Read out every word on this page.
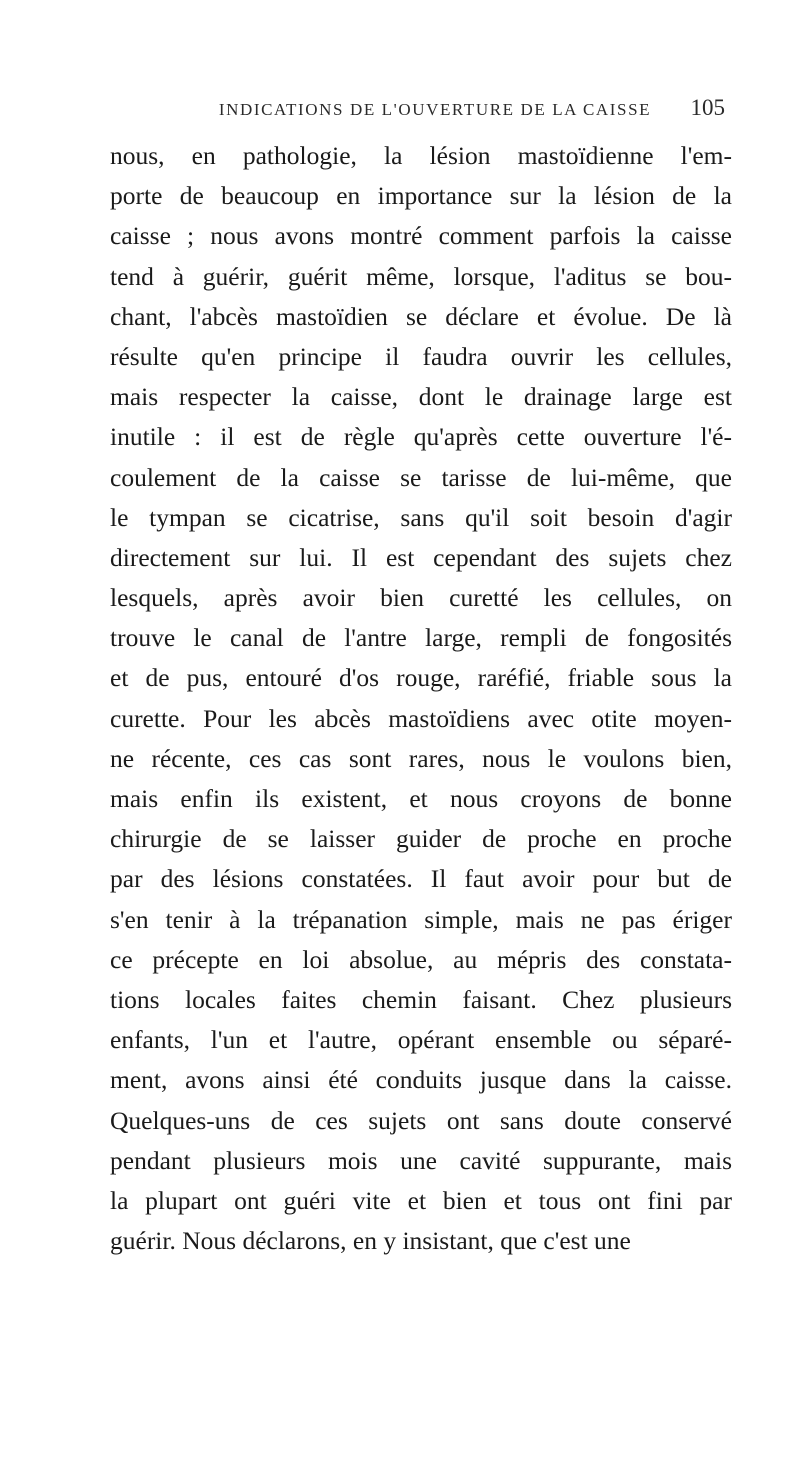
INDICATIONS DE L'OUVERTURE DE LA CAISSE	105
nous, en pathologie, la lésion mastoïdienne l'em-
porte de beaucoup en importance sur la lésion de la
caisse ; nous avons montré comment parfois la caisse
tend à guérir, guérit même, lorsque, l'aditus se bou-
chant, l'abcès mastoïdien se déclare et évolue. De là
résulte qu'en principe il faudra ouvrir les cellules,
mais respecter la caisse, dont le drainage large est
inutile : il est de règle qu'après cette ouverture l'é-
coulement de la caisse se tarisse de lui-même, que
le tympan se cicatrise, sans qu'il soit besoin d'agir
directement sur lui. Il est cependant des sujets chez
lesquels, après avoir bien curetté les cellules, on
trouve le canal de l'antre large, rempli de fongosités
et de pus, entouré d'os rouge, raréfié, friable sous la
curette. Pour les abcès mastoïdiens avec otite moyen-
ne récente, ces cas sont rares, nous le voulons bien,
mais enfin ils existent, et nous croyons de bonne
chirurgie de se laisser guider de proche en proche
par des lésions constatées. Il faut avoir pour but de
s'en tenir à la trépanation simple, mais ne pas ériger
ce précepte en loi absolue, au mépris des constata-
tions locales faites chemin faisant. Chez plusieurs
enfants, l'un et l'autre, opérant ensemble ou séparé-
ment, avons ainsi été conduits jusque dans la caisse.
Quelques-uns de ces sujets ont sans doute conservé
pendant plusieurs mois une cavité suppurante, mais
la plupart ont guéri vite et bien et tous ont fini par
guérir. Nous déclarons, en y insistant, que c'est une
